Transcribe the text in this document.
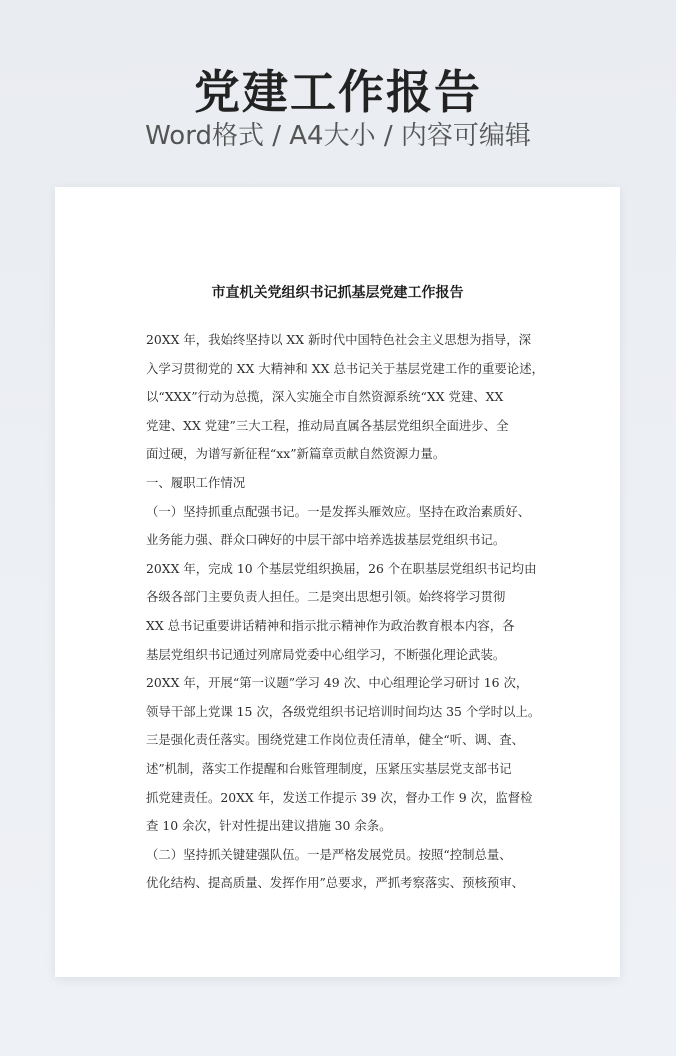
党建工作报告
Word格式 / A4大小 / 内容可编辑
市直机关党组织书记抓基层党建工作报告
20XX 年，我始终坚持以 XX 新时代中国特色社会主义思想为指导，深
入学习贯彻党的 XX 大精神和 XX 总书记关于基层党建工作的重要论述，
以“XXX”行动为总揽，深入实施全市自然资源系统“XX 党建、XX
党建、XX 党建”三大工程，推动局直属各基层党组织全面进步、全
面过硬，为谱写新征程“xx”新篇章贡献自然资源力量。
一、履职工作情况
（一）坚持抓重点配强书记。一是发挥头雁效应。坚持在政治素质好、
业务能力强、群众口碑好的中层干部中培养选拔基层党组织书记。
20XX 年，完成 10 个基层党组织换届，26 个在职基层党组织书记均由
各级各部门主要负责人担任。二是突出思想引领。始终将学习贯彻
XX 总书记重要讲话精神和指示批示精神作为政治教育根本内容，各
基层党组织书记通过列席局党委中心组学习，不断强化理论武装。
20XX 年，开展“第一议题”学习 49 次、中心组理论学习研讨 16 次，
领导干部上党课 15 次，各级党组织书记培训时间均达 35 个学时以上。
三是强化责任落实。围绕党建工作岗位责任清单，健全“听、调、査、
述”机制，落实工作提醒和台账管理制度，压紧压实基层党支部书记
抓党建责任。20XX 年，发送工作提示 39 次，督办工作 9 次，监督检
查 10 余次，针对性提出建议措施 30 余条。
（二）坚持抓关键建强队伍。一是严格发展党员。按照“控制总量、
优化结构、提高质量、发挥作用”总要求，严抓考察落实、预核预审、
